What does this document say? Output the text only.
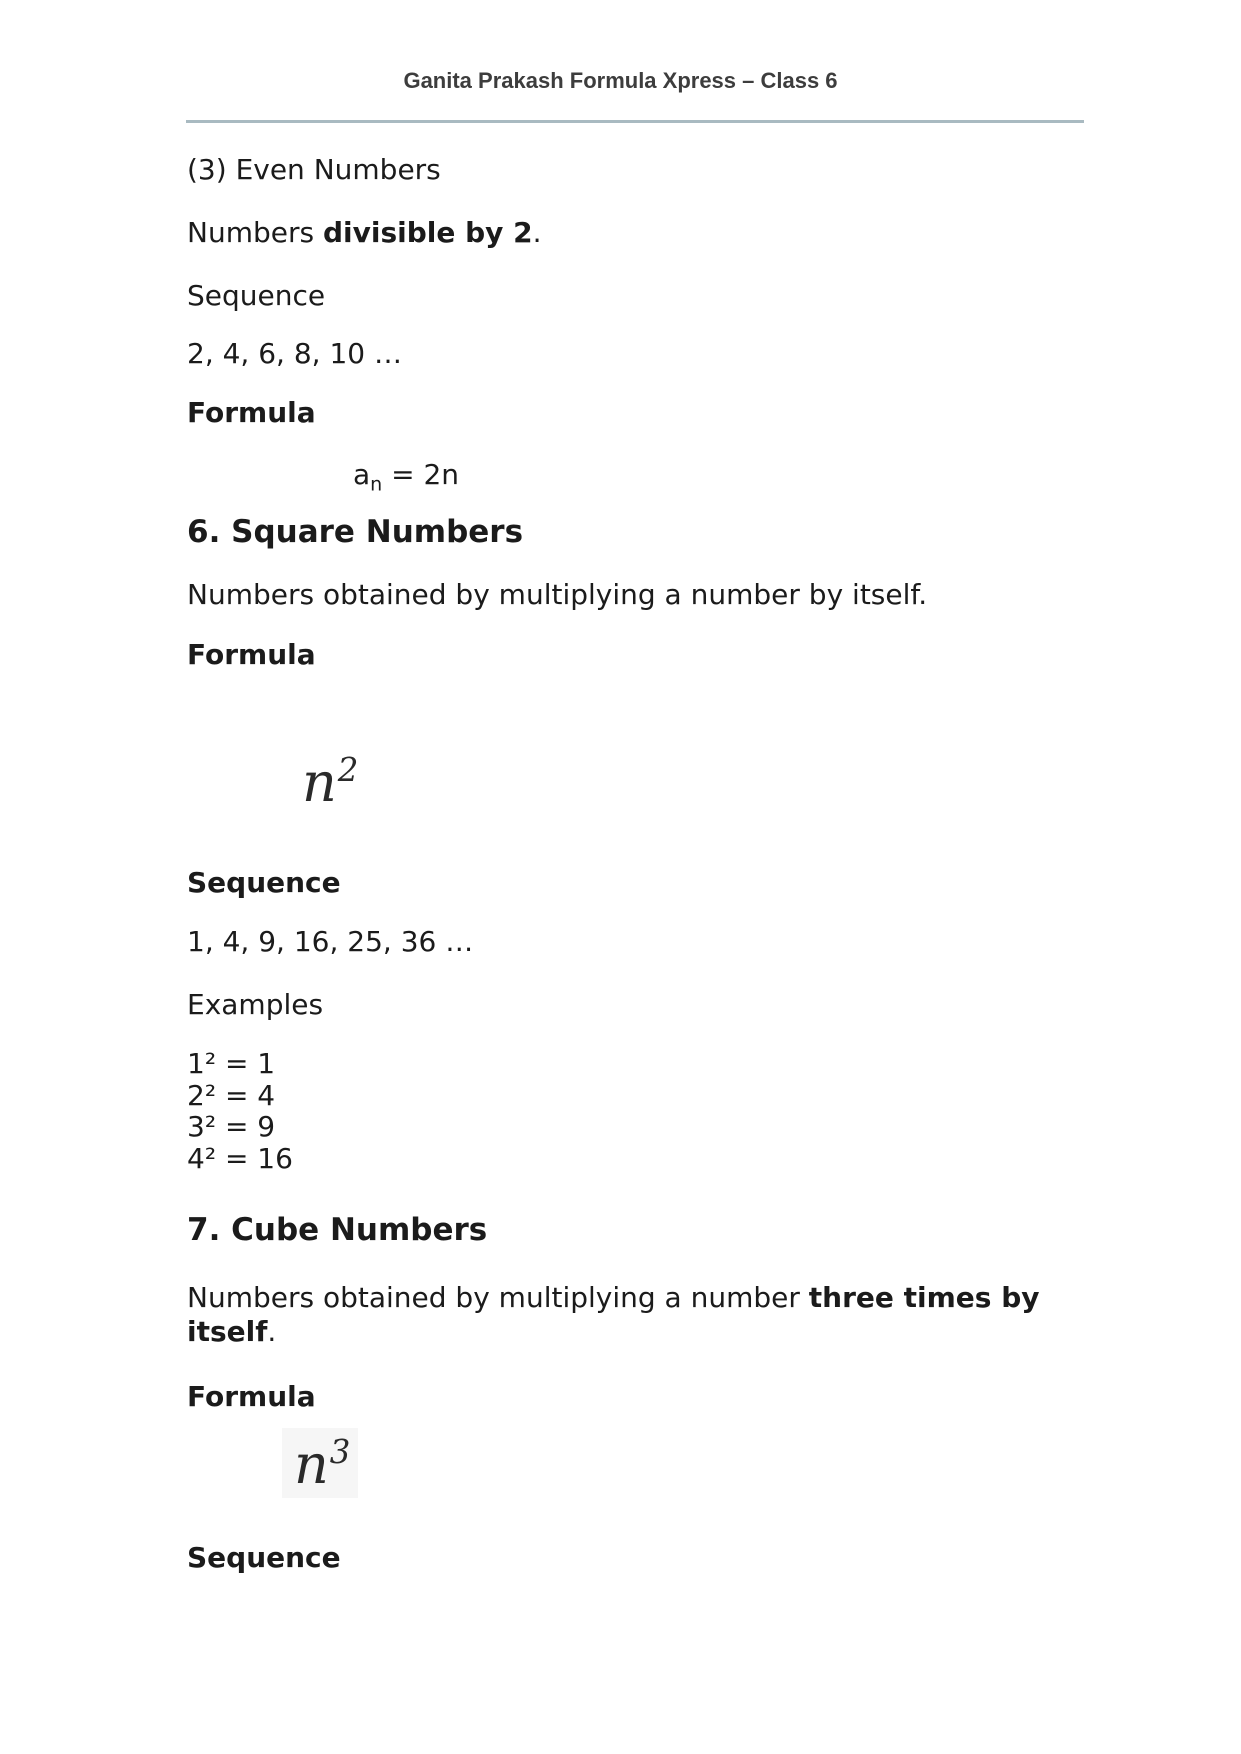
Ganita Prakash Formula Xpress – Class 6
(3) Even Numbers
Numbers divisible by 2.
Sequence
2, 4, 6, 8, 10 …
Formula
$a_n = 2n$
6. Square Numbers
Numbers obtained by multiplying a number by itself.
Formula
$n^2$
Sequence
1, 4, 9, 16, 25, 36 …
Examples
1² = 1
2² = 4
3² = 9
4² = 16
7. Cube Numbers
Numbers obtained by multiplying a number three times by itself.
Formula
$n^3$
Sequence
